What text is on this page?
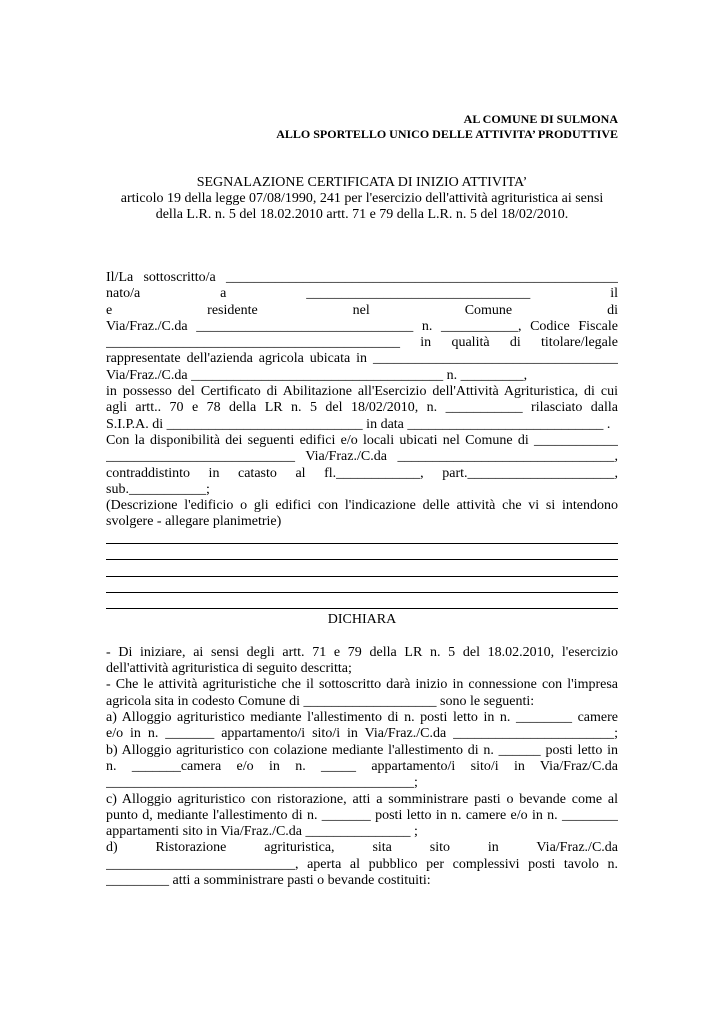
AL COMUNE DI SULMONA
ALLO SPORTELLO UNICO DELLE ATTIVITA’ PRODUTTIVE
SEGNALAZIONE CERTIFICATA DI INIZIO ATTIVITA’
articolo 19 della legge 07/08/1990, 241 per l'esercizio dell'attività agrituristica ai sensi
della L.R. n. 5 del 18.02.2010 artt. 71 e 79 della L.R. n. 5 del 18/02/2010.
Il/La sottoscritto/a ________________________________________________________
nato/a a ________________________________ il
e residente nel Comune di
Via/Fraz./C.da _______________________________ n. ___________, Codice Fiscale
__________________________________________ in qualità di titolare/legale
rappresentate dell'azienda agricola ubicata in ___________________________________
Via/Fraz./C.da ____________________________________ n. _________,
in possesso del Certificato di Abilitazione all'Esercizio dell'Attività Agrituristica, di cui
agli artt.. 70 e 78 della LR n. 5 del 18/02/2010, n. ___________ rilasciato dalla
S.I.P.A. di ____________________________ in data ____________________________ .
Con la disponibilità dei seguenti edifici e/o locali ubicati nel Comune di ____________
___________________________ Via/Fraz./C.da _______________________________,
contraddistinto in catasto al fl.____________, part._____________________,
sub.___________;
(Descrizione l'edificio o gli edifici con l'indicazione delle attività che vi si intendono
svolgere - allegare planimetrie)
DICHIARA
- Di iniziare, ai sensi degli artt. 71 e 79 della LR n. 5 del 18.02.2010, l'esercizio
dell'attività agrituristica di seguito descritta;
- Che le attività agrituristiche che il sottoscritto darà inizio in connessione con l'impresa
agricola sita in codesto Comune di ___________________ sono le seguenti:
a) Alloggio agrituristico mediante l'allestimento di n. posti letto in n. ________ camere
e/o in n. _______ appartamento/i sito/i in Via/Fraz./C.da _______________________;
b) Alloggio agrituristico con colazione mediante l'allestimento di n. ______ posti letto in
n. _______camera e/o in n. _____ appartamento/i sito/i in Via/Fraz/C.da
____________________________________________;
c) Alloggio agrituristico con ristorazione, atti a somministrare pasti o bevande come al
punto d, mediante l'allestimento di n. _______ posti letto in n. camere e/o in n. ________
appartamenti sito in Via/Fraz./C.da _______________ ;
d) Ristorazione agrituristica, sita sito in Via/Fraz./C.da
___________________________, aperta al pubblico per complessivi posti tavolo n.
_________ atti a somministrare pasti o bevande costituiti:
